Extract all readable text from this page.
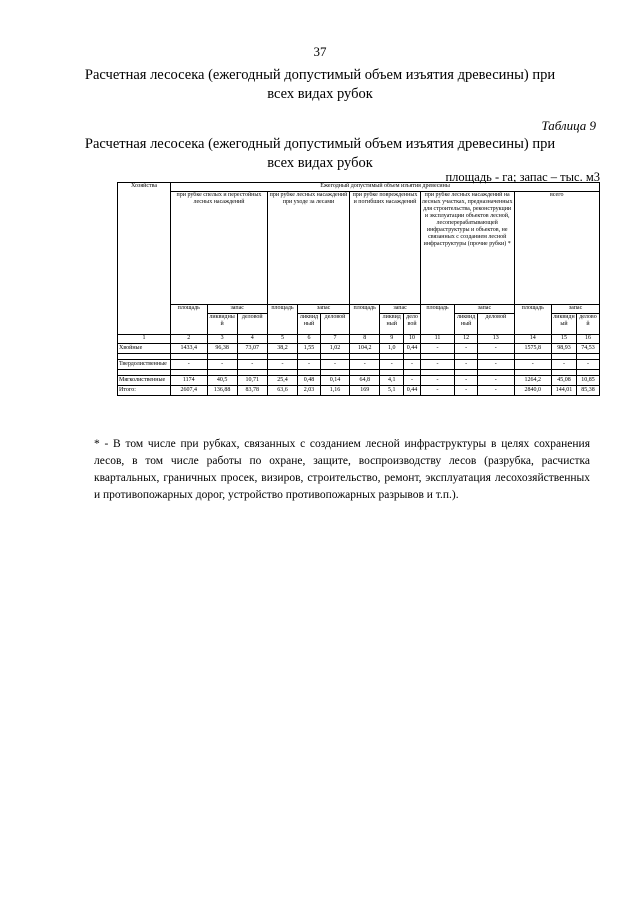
37
Расчетная лесосека (ежегодный допустимый объем изъятия древесины) при всех видах рубок
Таблица 9
Расчетная лесосека (ежегодный допустимый объем изъятия древесины) при всех видах рубок
площадь - га; запас – тыс. м3
Хозяйства	Ежегодный допустимый объем изъятия древесины														
	при рубке спелых и перестойных лесных насаждений			при рубке лесных насаждений при уходе за лесами			при рубке поврежденных и погибших насаждений			при рубке лесных насаждений на лесных участках, предназначенных для строительства, реконструкции и эксплуатации объектов лесной, лесоперерабатывающей инфраструктуры и объектов, не связанных с созданием лесной инфраструктуры (прочие рубки) *			всего		
	площадь	запас		площадь	запас		площадь	запас		площадь	запас		площадь	запас	
		ликвидный	деловой		ликвидный	деловой		ликвидный	деловой		ликвидный	деловой		ликвидный	деловой
1	2	3	4	5	6	7	8	9	10	11	12	13	14	15	16
Хвойные	1433,4	96,38	73,07	38,2	1,55	1,02	104,2	1,0	0,44	-	-	-	1575,8	98,93	74,53

Твердолиственные	-	-	-	-	-	-	-	-	-	-	-	-	-	-	-

Мягколиственные	1174	40,5	10,71	25,4	0,48	0,14	64,8	4,1	-	-	-	-	1264,2	45,08	10,85
Итого:	2607,4	136,88	83,78	63,6	2,03	1,16	169	5,1	0,44	-	-	-	2840,0	144,01	85,38
* - В том числе при рубках, связанных с созданием лесной инфраструктуры в целях сохранения лесов, в том числе работы по охране, защите, воспроизводству лесов (разрубка, расчистка квартальных, граничных просек, визиров, строительство, ремонт, эксплуатация лесохозяйственных и противопожарных дорог, устройство противопожарных разрывов и т.п.).
